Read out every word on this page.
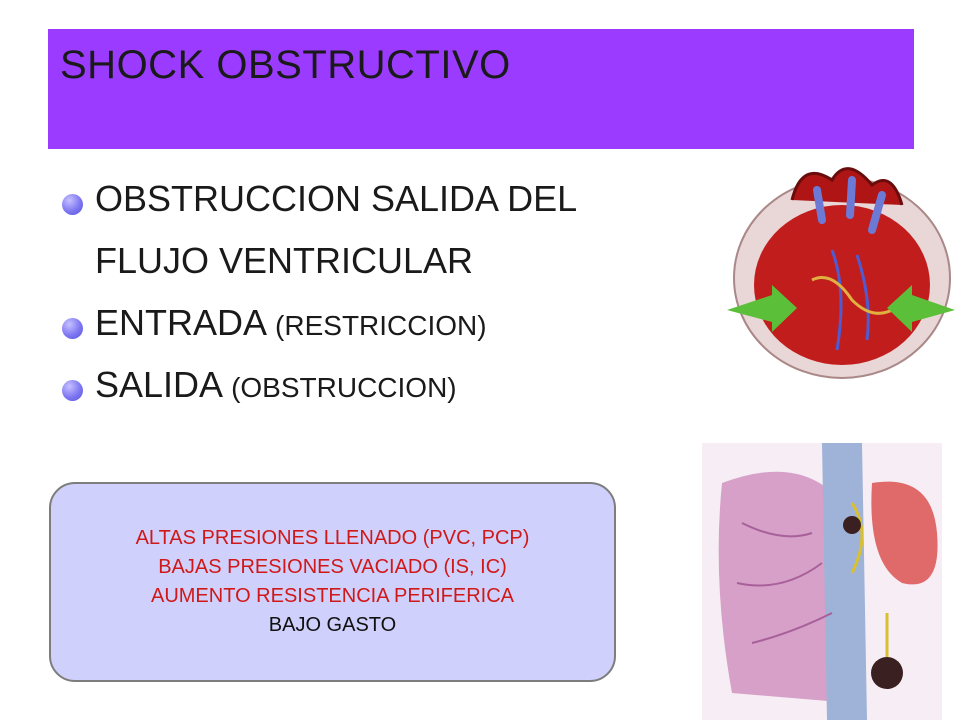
SHOCK OBSTRUCTIVO
OBSTRUCCION SALIDA DEL
FLUJO VENTRICULAR
ENTRADA (RESTRICCION)
SALIDA (OBSTRUCCION)
ALTAS PRESIONES LLENADO (PVC, PCP)
BAJAS PRESIONES VACIADO (IS, IC)
AUMENTO RESISTENCIA PERIFERICA
BAJO GASTO
